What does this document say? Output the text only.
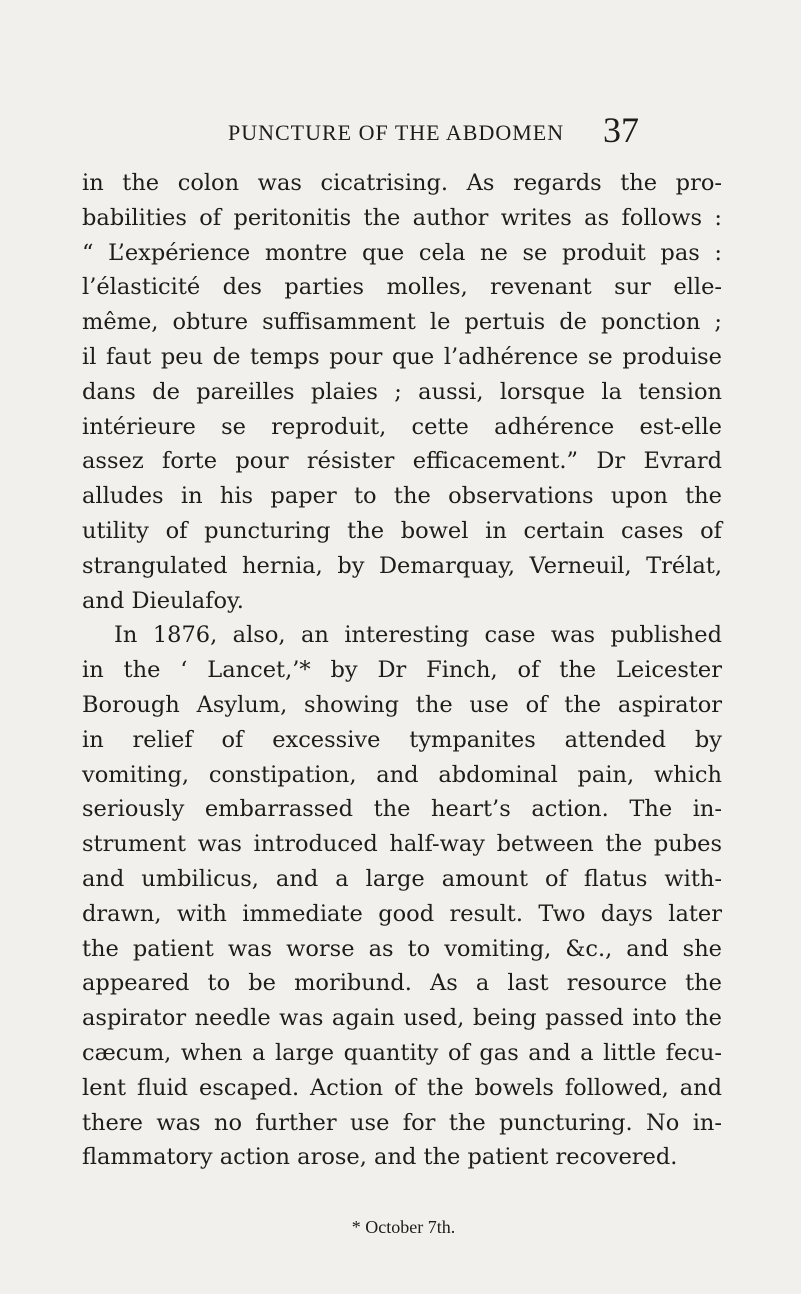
PUNCTURE OF THE ABDOMEN 37
in the colon was cicatrising. As regards the pro-
babilities of peritonitis the author writes as follows :
“ L’expérience montre que cela ne se produit pas :
l’élasticité des parties molles, revenant sur elle-
même, obture suffisamment le pertuis de ponction ;
il faut peu de temps pour que l’adhérence se produise
dans de pareilles plaies ; aussi, lorsque la tension
intérieure se reproduit, cette adhérence est-elle
assez forte pour résister efficacement.” Dr Evrard
alludes in his paper to the observations upon the
utility of puncturing the bowel in certain cases of
strangulated hernia, by Demarquay, Verneuil, Trélat,
and Dieulafoy.
In 1876, also, an interesting case was published
in the ‘ Lancet,’* by Dr Finch, of the Leicester
Borough Asylum, showing the use of the aspirator
in relief of excessive tympanites attended by
vomiting, constipation, and abdominal pain, which
seriously embarrassed the heart’s action. The in-
strument was introduced half-way between the pubes
and umbilicus, and a large amount of flatus with-
drawn, with immediate good result. Two days later
the patient was worse as to vomiting, &c., and she
appeared to be moribund. As a last resource the
aspirator needle was again used, being passed into the
cæcum, when a large quantity of gas and a little fecu-
lent fluid escaped. Action of the bowels followed, and
there was no further use for the puncturing. No in-
flammatory action arose, and the patient recovered.
* October 7th.
